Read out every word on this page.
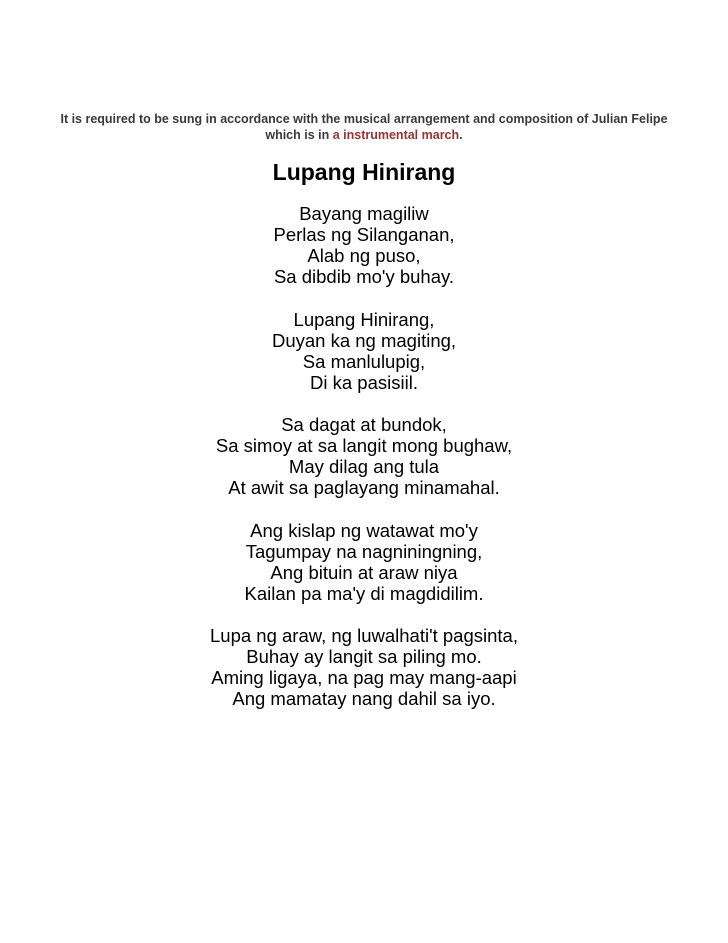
It is required to be sung in accordance with the musical arrangement and composition of Julian Felipe which is in a instrumental march.
Lupang Hinirang
Bayang magiliw
Perlas ng Silanganan,
Alab ng puso,
Sa dibdib mo'y buhay.
Lupang Hinirang,
Duyan ka ng magiting,
Sa manlulupig,
Di ka pasisiil.
Sa dagat at bundok,
Sa simoy at sa langit mong bughaw,
May dilag ang tula
At awit sa paglayang minamahal.
Ang kislap ng watawat mo'y
Tagumpay na nagniningning,
Ang bituin at araw niya
Kailan pa ma'y di magdidilim.
Lupa ng araw, ng luwalhati't pagsinta,
Buhay ay langit sa piling mo.
Aming ligaya, na pag may mang-aapi
Ang mamatay nang dahil sa iyo.
